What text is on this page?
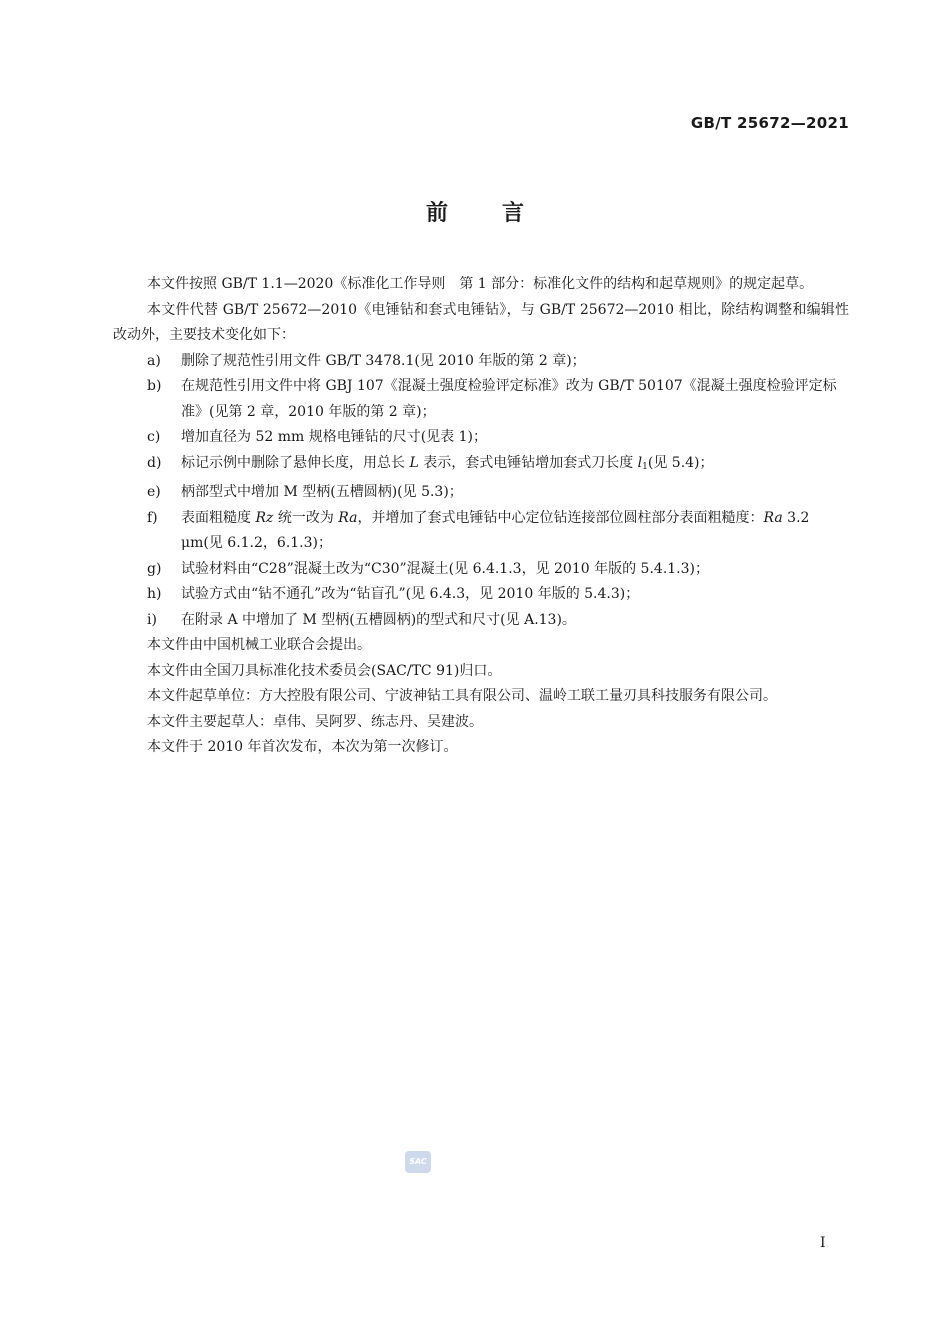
GB/T 25672—2021
前言
本文件按照 GB/T 1.1—2020《标准化工作导则　第 1 部分：标准化文件的结构和起草规则》的规定起草。
本文件代替 GB/T 25672—2010《电锤钻和套式电锤钻》，与 GB/T 25672—2010 相比，除结构调整和编辑性改动外，主要技术变化如下：
a) 删除了规范性引用文件 GB/T 3478.1(见 2010 年版的第 2 章)；
b) 在规范性引用文件中将 GBJ 107《混凝土强度检验评定标准》改为 GB/T 50107《混凝土强度检验评定标准》(见第 2 章，2010 年版的第 2 章)；
c) 增加直径为 52 mm 规格电锤钻的尺寸(见表 1)；
d) 标记示例中删除了悬伸长度，用总长 L 表示，套式电锤钻增加套式刀长度 $l_1$(见 5.4)；
e) 柄部型式中增加 M 型柄(五槽圆柄)(见 5.3)；
f) 表面粗糙度 Rz 统一改为 Ra，并增加了套式电锤钻中心定位钻连接部位圆柱部分表面粗糙度：Ra 3.2 μm(见 6.1.2，6.1.3)；
g) 试验材料由“C28”混凝土改为“C30”混凝土(见 6.4.1.3，见 2010 年版的 5.4.1.3)；
h) 试验方式由“钻不通孔”改为“钻盲孔”(见 6.4.3，见 2010 年版的 5.4.3)；
i) 在附录 A 中增加了 M 型柄(五槽圆柄)的型式和尺寸(见 A.13)。
本文件由中国机械工业联合会提出。
本文件由全国刀具标准化技术委员会(SAC/TC 91)归口。
本文件起草单位：方大控股有限公司、宁波神钻工具有限公司、温岭工联工量刃具科技服务有限公司。
本文件主要起草人：卓伟、吴阿罗、练志丹、吴建波。
本文件于 2010 年首次发布，本次为第一次修订。
SAC
I
